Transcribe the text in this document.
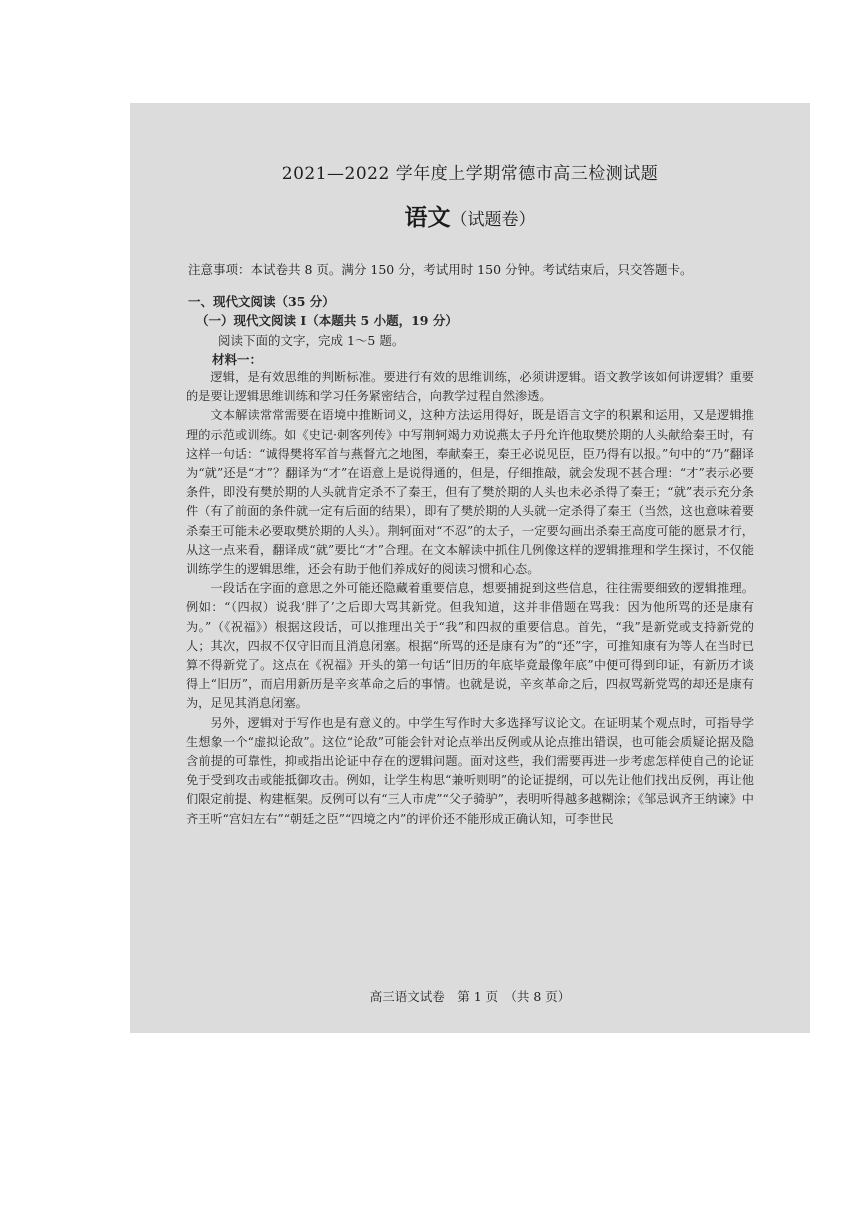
2021—2022 学年度上学期常德市高三检测试题
语文（试题卷）
注意事项：本试卷共 8 页。满分 150 分，考试用时 150 分钟。考试结束后，只交答题卡。
一、现代文阅读（35 分）
（一）现代文阅读 I（本题共 5 小题，19 分）
阅读下面的文字，完成 1～5 题。
材料一：

逻辑，是有效思维的判断标准。要进行有效的思维训练，必须讲逻辑。语文教学该如何讲逻辑？重要的是要让逻辑思维训练和学习任务紧密结合，向教学过程自然渗透。

文本解读常常需要在语境中推断词义，这种方法运用得好，既是语言文字的积累和运用，又是逻辑推理的示范或训练。如《史记·刺客列传》中写荆轲竭力劝说燕太子丹允许他取樊於期的人头献给秦王时，有这样一句话：“诚得樊将军首与燕督亢之地图，奉献秦王，秦王必说见臣，臣乃得有以报。”句中的“乃”翻译为“就”还是“才”？翻译为“才”在语意上是说得通的，但是，仔细推敲，就会发现不甚合理：“才”表示必要条件，即没有樊於期的人头就肯定杀不了秦王，但有了樊於期的人头也未必杀得了秦王；“就”表示充分条件（有了前面的条件就一定有后面的结果），即有了樊於期的人头就一定杀得了秦王（当然，这也意味着要杀秦王可能未必要取樊於期的人头）。荆轲面对“不忍”的太子，一定要勾画出杀秦王高度可能的愿景才行，从这一点来看，翻译成“就”要比“才”合理。在文本解读中抓住几例像这样的逻辑推理和学生探讨，不仅能训练学生的逻辑思维，还会有助于他们养成好的阅读习惯和心态。

一段话在字面的意思之外可能还隐藏着重要信息，想要捕捉到这些信息，往往需要细致的逻辑推理。例如：“（四叔）说我‘胖了’之后即大骂其新党。但我知道，这并非借题在骂我：因为他所骂的还是康有为。”（《祝福》）根据这段话，可以推理出关于“我”和四叔的重要信息。首先，“我”是新党或支持新党的人；其次，四叔不仅守旧而且消息闭塞。根据“所骂的还是康有为”的“还”字，可推知康有为等人在当时已算不得新党了。这点在《祝福》开头的第一句话“旧历的年底毕竟最像年底”中便可得到印证，有新历才谈得上“旧历”，而启用新历是辛亥革命之后的事情。也就是说，辛亥革命之后，四叔骂新党骂的却还是康有为，足见其消息闭塞。

另外，逻辑对于写作也是有意义的。中学生写作时大多选择写议论文。在证明某个观点时，可指导学生想象一个“虚拟论敌”。这位“论敌”可能会针对论点举出反例或从论点推出错误，也可能会质疑论据及隐含前提的可靠性，抑或指出论证中存在的逻辑问题。面对这些，我们需要再进一步考虑怎样使自己的论证免于受到攻击或能抵御攻击。例如，让学生构思“兼听则明”的论证提纲，可以先让他们找出反例，再让他们限定前提、构建框架。反例可以有“三人市虎”“父子骑驴”，表明听得越多越糊涂；《邹忌讽齐王纳谏》中齐王听“宫妇左右”“朝廷之臣”“四境之内”的评价还不能形成正确认知，可李世民

高三语文试卷　第 1 页　（共 8 页）
